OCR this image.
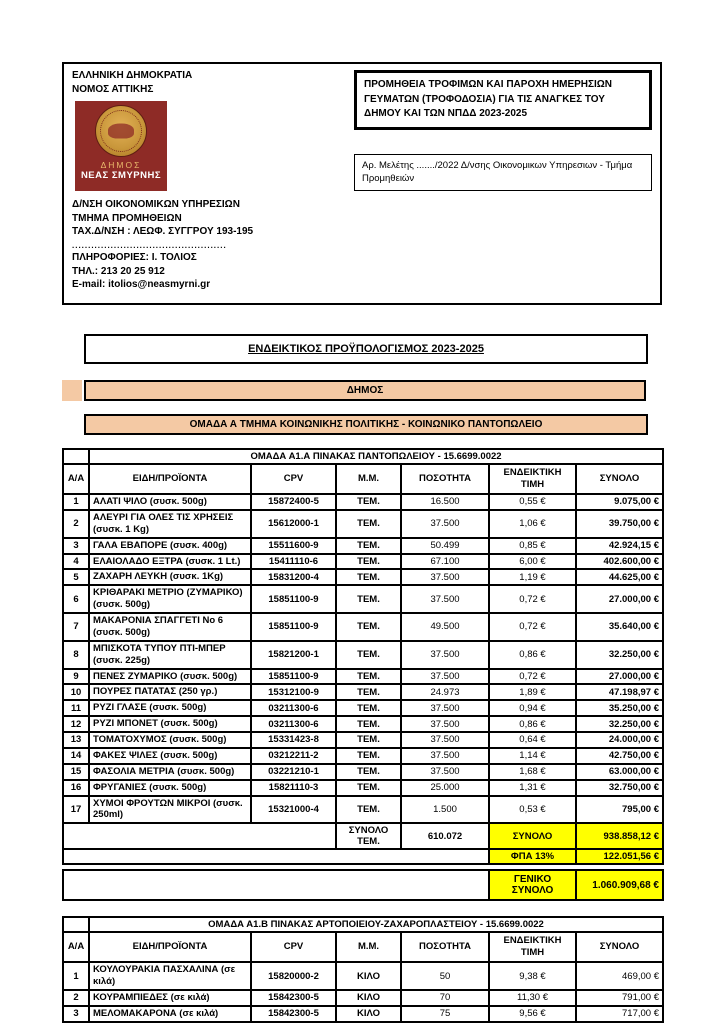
ΕΛΛΗΝΙΚΗ ΔΗΜΟΚΡΑΤΙΑ
ΝΟΜΟΣ ΑΤΤΙΚΗΣ
ΔΗΜΟΣ
ΝΕΑΣ ΣΜΥΡΝΗΣ
Δ/ΝΣΗ ΟΙΚΟΝΟΜΙΚΩΝ ΥΠΗΡΕΣΙΩΝ
ΤΜΗΜΑ ΠΡΟΜΗΘΕΙΩΝ
ΤΑΧ.Δ/ΝΣΗ : ΛΕΩΦ. ΣΥΓΓΡΟΥ 193-195
................................................
ΠΛΗΡΟΦΟΡΙΕΣ: Ι. ΤΟΛΙΟΣ
ΤΗΛ.: 213 20 25 912
E-mail: itolios@neasmyrni.gr
ΠΡΟΜΗΘΕΙΑ ΤΡΟΦΙΜΩΝ ΚΑΙ ΠΑΡΟΧΗ ΗΜΕΡΗΣΙΩΝ ΓΕΥΜΑΤΩΝ (ΤΡΟΦΟΔΟΣΙΑ) ΓΙΑ ΤΙΣ ΑΝΑΓΚΕΣ ΤΟΥ ΔΗΜΟΥ ΚΑΙ ΤΩΝ ΝΠΔΔ 2023-2025
Αρ. Μελέτης ......./2022 Δ/νσης Οικονομικων Υπηρεσιων - Τμήμα Προμηθειών
ΕΝΔΕΙΚΤΙΚΟΣ ΠΡΟΫΠΟΛΟΓΙΣΜΟΣ 2023-2025
ΔΗΜΟΣ
ΟΜΑΔΑ Α ΤΜΗΜΑ ΚΟΙΝΩΝΙΚΗΣ ΠΟΛΙΤΙΚΗΣ - ΚΟΙΝΩΝΙΚΟ ΠΑΝΤΟΠΩΛΕΙΟ
	ΟΜΑΔΑ Α1.Α ΠΙΝΑΚΑΣ ΠΑΝΤΟΠΩΛΕΙΟΥ - 15.6699.0022					
Α/Α	ΕΙΔΗ/ΠΡΟΪΟΝΤΑ	CPV	Μ.Μ.	ΠΟΣΟΤΗΤΑ	ΕΝΔΕΙΚΤΙΚΗ ΤΙΜΗ	ΣΥΝΟΛΟ
1	ΑΛΑΤΙ ΨΙΛΟ (συσκ. 500g)	15872400-5	ΤΕΜ.	16.500	0,55 €	9.075,00 €
2	ΑΛΕΥΡΙ ΓΙΑ ΟΛΕΣ ΤΙΣ ΧΡΗΣΕΙΣ (συσκ. 1 Kg)	15612000-1	ΤΕΜ.	37.500	1,06 €	39.750,00 €
3	ΓΑΛΑ ΕΒΑΠΟΡΕ (συσκ. 400g)	15511600-9	ΤΕΜ.	50.499	0,85 €	42.924,15 €
4	ΕΛΑΙΟΛΑΔΟ ΕΞΤΡΑ (συσκ. 1 Lt.)	15411110-6	ΤΕΜ.	67.100	6,00 €	402.600,00 €
5	ΖΑΧΑΡΗ ΛΕΥΚΗ (συσκ. 1Kg)	15831200-4	ΤΕΜ.	37.500	1,19 €	44.625,00 €
6	ΚΡΙΘΑΡΑΚΙ ΜΕΤΡΙΟ (ΖΥΜΑΡΙΚΟ) (συσκ. 500g)	15851100-9	ΤΕΜ.	37.500	0,72 €	27.000,00 €
7	ΜΑΚΑΡΟΝΙΑ ΣΠΑΓΓΕΤΙ Νο 6 (συσκ. 500g)	15851100-9	ΤΕΜ.	49.500	0,72 €	35.640,00 €
8	ΜΠΙΣΚΟΤΑ ΤΥΠΟΥ ΠΤΙ-ΜΠΕΡ (συσκ. 225g)	15821200-1	ΤΕΜ.	37.500	0,86 €	32.250,00 €
9	ΠΕΝΕΣ ΖΥΜΑΡΙΚΟ (συσκ. 500g)	15851100-9	ΤΕΜ.	37.500	0,72 €	27.000,00 €
10	ΠΟΥΡΕΣ ΠΑΤΑΤΑΣ (250 γρ.)	15312100-9	ΤΕΜ.	24.973	1,89 €	47.198,97 €
11	ΡΥΖΙ ΓΛΑΣΕ (συσκ. 500g)	03211300-6	ΤΕΜ.	37.500	0,94 €	35.250,00 €
12	ΡΥΖΙ ΜΠΟΝΕΤ (συσκ. 500g)	03211300-6	ΤΕΜ.	37.500	0,86 €	32.250,00 €
13	ΤΟΜΑΤΟΧΥΜΟΣ (συσκ. 500g)	15331423-8	ΤΕΜ.	37.500	0,64 €	24.000,00 €
14	ΦΑΚΕΣ ΨΙΛΕΣ (συσκ. 500g)	03212211-2	ΤΕΜ.	37.500	1,14 €	42.750,00 €
15	ΦΑΣΟΛΙΑ ΜΕΤΡΙΑ (συσκ. 500g)	03221210-1	ΤΕΜ.	37.500	1,68 €	63.000,00 €
16	ΦΡΥΓΑΝΙΕΣ (συσκ. 500g)	15821110-3	ΤΕΜ.	25.000	1,31 €	32.750,00 €
17	ΧΥΜΟΙ ΦΡΟΥΤΩΝ ΜΙΚΡΟΙ (συσκ. 250ml)	15321000-4	ΤΕΜ.	1.500	0,53 €	795,00 €
			ΣΥΝΟΛΟ ΤΕΜ.	610.072	ΣΥΝΟΛΟ	938.858,12 €
					ΦΠΑ 13%	122.051,56 €

					ΓΕΝΙΚΟ ΣΥΝΟΛΟ	1.060.909,68 €
	ΟΜΑΔΑ Α1.Β ΠΙΝΑΚΑΣ ΑΡΤΟΠΟΙΕΙΟΥ-ΖΑΧΑΡΟΠΛΑΣΤΕΙΟΥ - 15.6699.0022					
Α/Α	ΕΙΔΗ/ΠΡΟΪΟΝΤΑ	CPV	Μ.Μ.	ΠΟΣΟΤΗΤΑ	ΕΝΔΕΙΚΤΙΚΗ ΤΙΜΗ	ΣΥΝΟΛΟ
1	ΚΟΥΛΟΥΡΑΚΙΑ ΠΑΣΧΑΛΙΝΑ (σε κιλά)	15820000-2	ΚΙΛΟ	50	9,38 €	469,00 €
2	ΚΟΥΡΑΜΠΙΕΔΕΣ (σε κιλά)	15842300-5	ΚΙΛΟ	70	11,30 €	791,00 €
3	ΜΕΛΟΜΑΚΑΡΟΝΑ (σε κιλά)	15842300-5	ΚΙΛΟ	75	9,56 €	717,00 €
